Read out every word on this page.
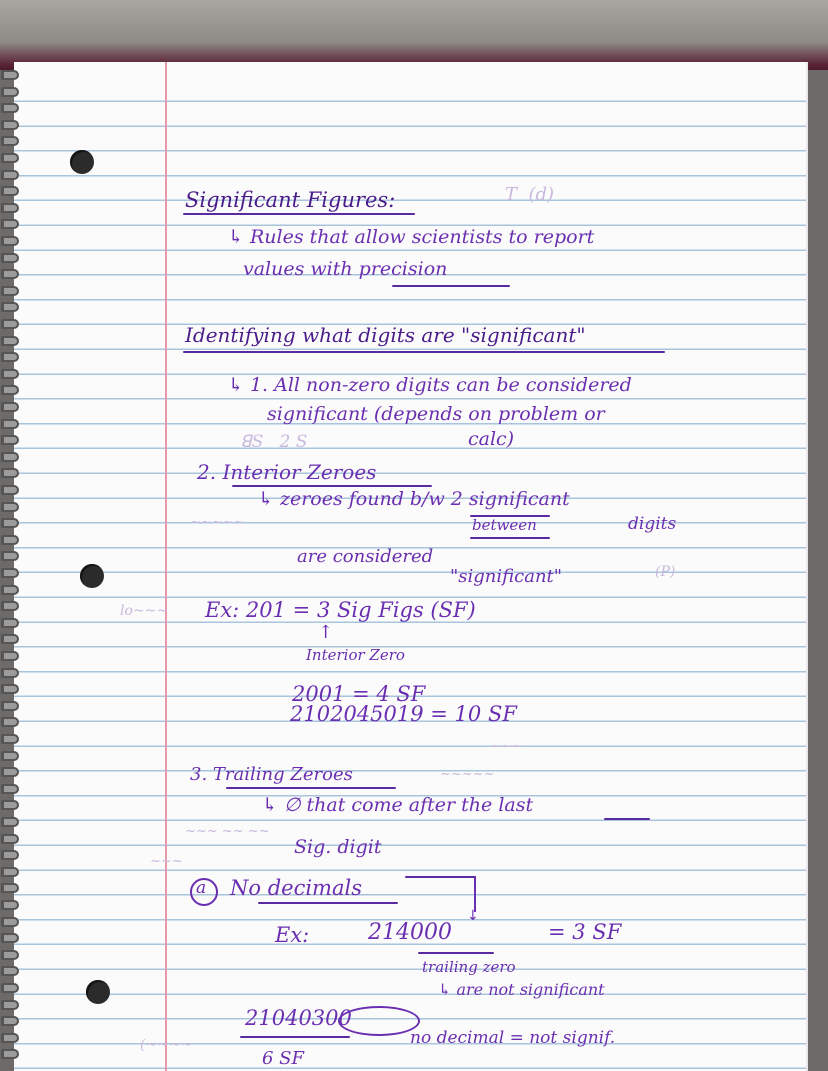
T  (d)
ꓭS   2 S
~~~~~
lo~~~
(P)
~~~
~~~~~
~~~ ~~ ~~
~~~
(~~~~
Significant Figures:
↳ Rules that allow scientists to report
values with precision
Identifying what digits are "significant"
↳ 1. All non-zero digits can be considered
significant (depends on problem or
calc)
2. Interior Zeroes
↳ zeroes found b/w 2 significant
between	digits
are considered
"significant"
Ex: 201 = 3 Sig Figs (SF)
↑
Interior Zero
2001 = 4 SF
2102045019 = 10 SF
3. Trailing Zeroes
↳ ∅ that come after the last
Sig. digit
a No decimals
↓
Ex:	214000	= 3 SF
trailing zero
↳ are not significant
21040300
6 SF
no decimal = not signif.
